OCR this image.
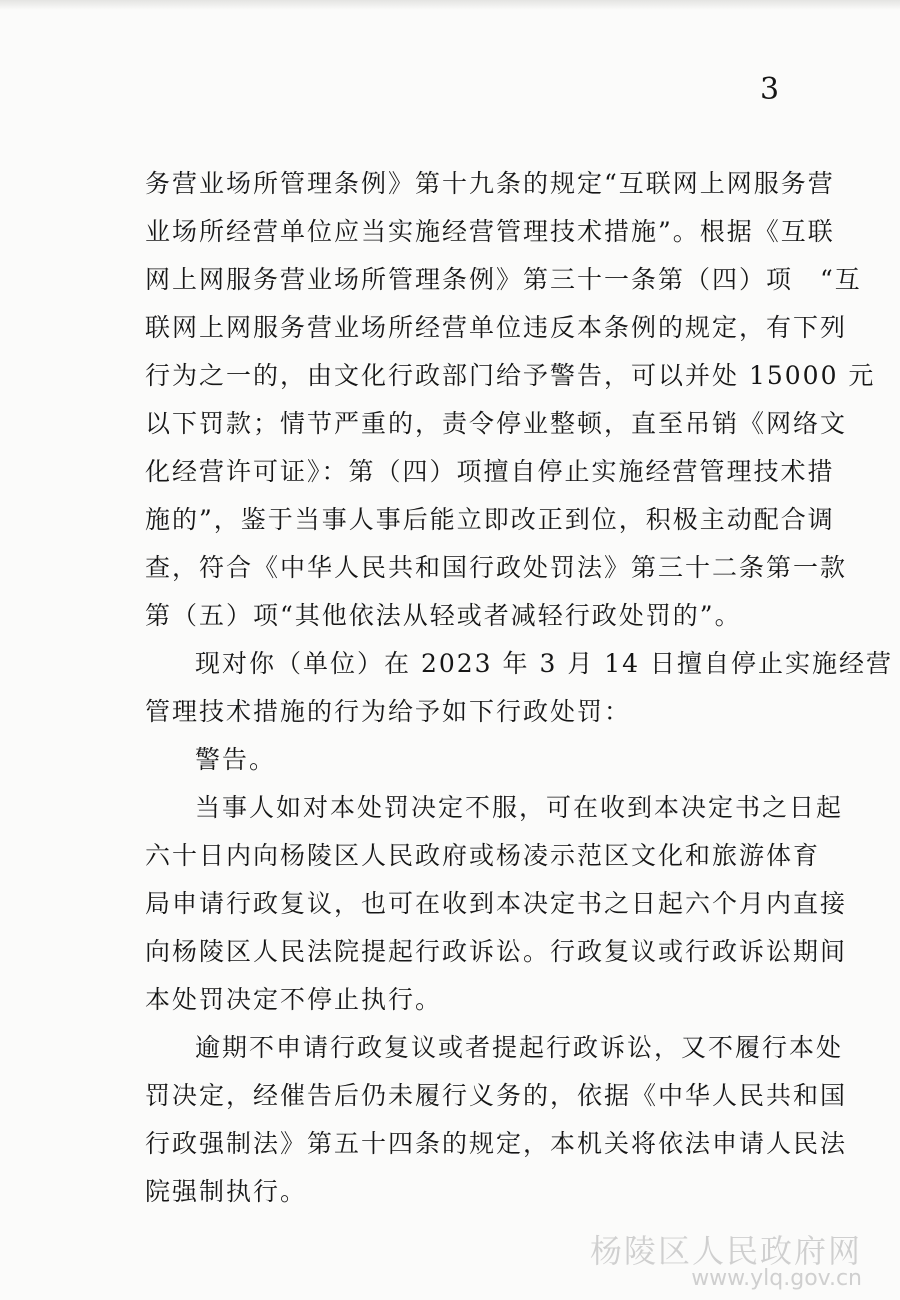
3
务营业场所管理条例》第十九条的规定“互联网上网服务营
业场所经营单位应当实施经营管理技术措施”。根据《互联
网上网服务营业场所管理条例》第三十一条第（四）项　“互
联网上网服务营业场所经营单位违反本条例的规定，有下列
行为之一的，由文化行政部门给予警告，可以并处 15000 元
以下罚款；情节严重的，责令停业整顿，直至吊销《网络文
化经营许可证》：第（四）项擅自停止实施经营管理技术措
施的”，鉴于当事人事后能立即改正到位，积极主动配合调
查，符合《中华人民共和国行政处罚法》第三十二条第一款
第（五）项“其他依法从轻或者减轻行政处罚的”。
现对你（单位）在 2023 年 3 月 14 日擅自停止实施经营
管理技术措施的行为给予如下行政处罚：
警告。
当事人如对本处罚决定不服，可在收到本决定书之日起
六十日内向杨陵区人民政府或杨凌示范区文化和旅游体育
局申请行政复议，也可在收到本决定书之日起六个月内直接
向杨陵区人民法院提起行政诉讼。行政复议或行政诉讼期间
本处罚决定不停止执行。
逾期不申请行政复议或者提起行政诉讼，又不履行本处
罚决定，经催告后仍未履行义务的，依据《中华人民共和国
行政强制法》第五十四条的规定，本机关将依法申请人民法
院强制执行。
杨陵区人民政府网
www.ylq.gov.cn
